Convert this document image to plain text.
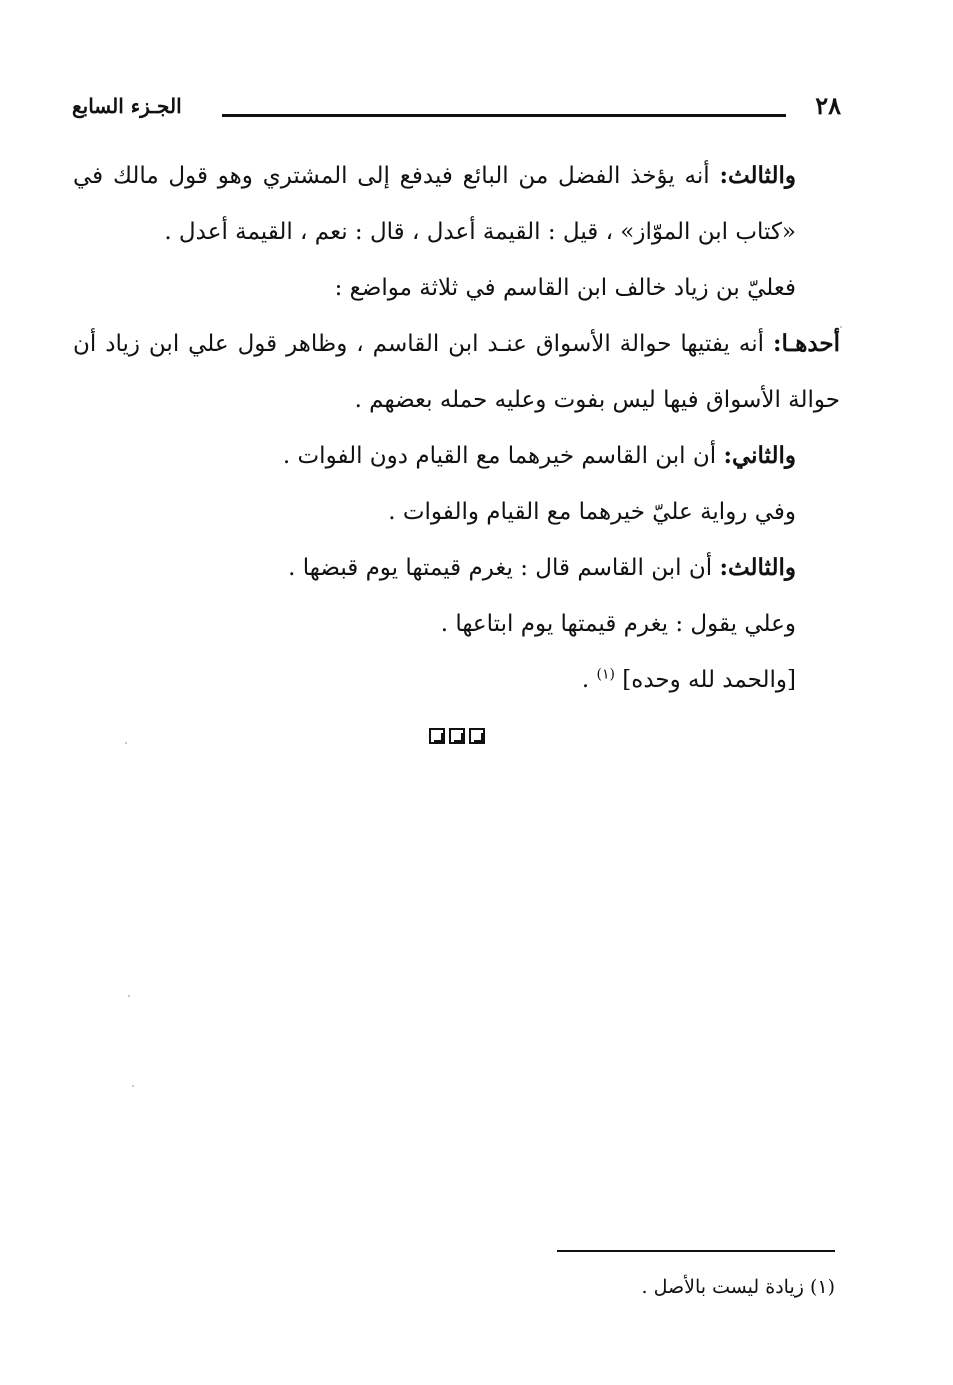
٢٨
الجـزء السابع

والثالث: أنه يؤخذ الفضل من البائع فيدفع إلى المشتري وهو قول مالك في «كتاب ابن الموّاز» ، قيل : القيمة أعدل ، قال : نعم ، القيمة أعدل .

فعليّ بن زياد خالف ابن القاسم في ثلاثة مواضع :

أحدهـا: أنه يفتيها حوالة الأسواق عنـد ابن القاسم ، وظاهر قول علي ابن زياد أن حوالة الأسواق فيها ليس بفوت وعليه حمله بعضهم .

والثاني: أن ابن القاسم خيرهما مع القيام دون الفوات .

وفي رواية عليّ خيرهما مع القيام والفوات .

والثالث: أن ابن القاسم قال : يغرم قيمتها يوم قبضها .

وعلي يقول : يغرم قيمتها يوم ابتاعها .

[والحمد لله وحده] $^{(١)}$ .

(١) زيادة ليست بالأصل .
